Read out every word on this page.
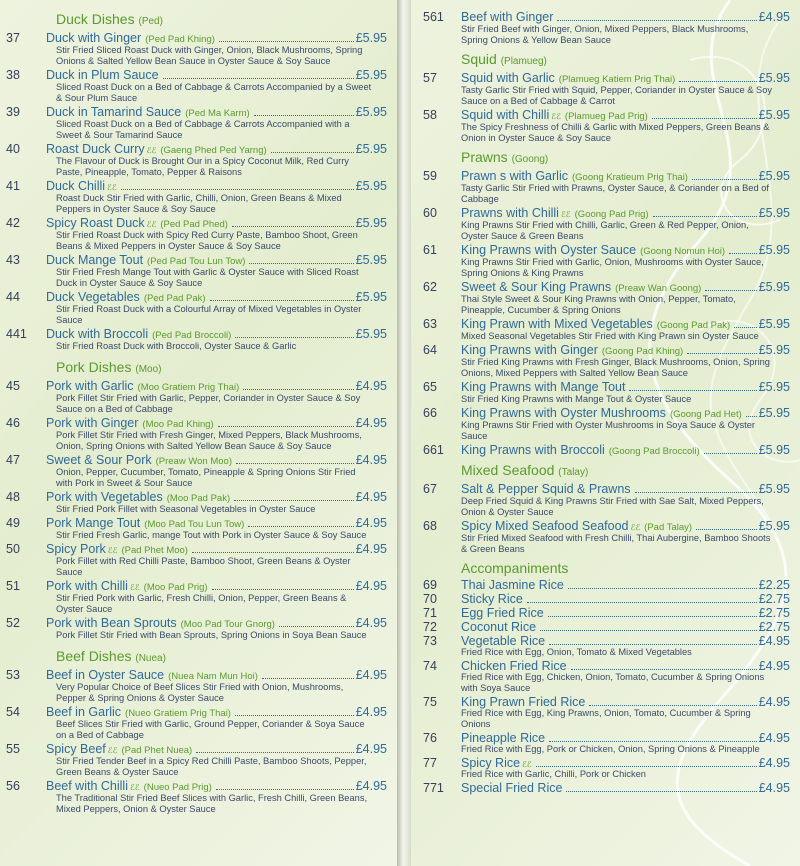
Duck Dishes (Ped)
37	Duck with Ginger (Ped Pad Khing)	£5.95
Stir Fried Sliced Roast Duck with Ginger, Onion, Black Mushrooms, Spring Onions & Salted Yellow Bean Sauce in Oyster Sauce & Soy Sauce
38	Duck in Plum Sauce	£5.95
Sliced Roast Duck on a Bed of Cabbage & Carrots Accompanied by a Sweet & Sour Plum Sauce
39	Duck in Tamarind Sauce (Ped Ma Karm)	£5.95
Sliced Roast Duck on a Bed of Cabbage & Carrots Accompanied with a Sweet & Sour Tamarind Sauce
40	Roast Duck Curry ℰℰ (Gaeng Phed Ped Yarng)	£5.95
The Flavour of Duck is Brought Our in a Spicy Coconut Milk, Red Curry Paste, Pineapple, Tomato, Pepper & Raisons
41	Duck Chilli ℰℰ	£5.95
Roast Duck Stir Fried with Garlic, Chilli, Onion, Green Beans & Mixed Peppers in Oyster Sauce & Soy Sauce
42	Spicy Roast Duck ℰℰ (Ped Pad Phed)	£5.95
Stir Fried Roast Duck with Spicy Red Curry Paste, Bamboo Shoot, Green Beans & Mixed Peppers in Oyster Sauce & Soy Sauce
43	Duck Mange Tout (Ped Pad Tou Lun Tow)	£5.95
Stir Fried Fresh Mange Tout with Garlic & Oyster Sauce with Sliced Roast Duck in Oyster Sauce & Soy Sauce
44	Duck Vegetables (Ped Pad Pak)	£5.95
Stir Fried Roast Duck with a Colourful Array of Mixed Vegetables in Oyster Sauce
441	Duck with Broccoli (Ped Pad Broccoli)	£5.95
Stir Fried Roast Duck with Broccoli, Oyster Sauce & Garlic
Pork Dishes (Moo)
45	Pork with Garlic (Moo Gratiem Prig Thai)	£4.95
Pork Fillet Stir Fried with Garlic, Pepper, Coriander in Oyster Sauce & Soy Sauce on a Bed of Cabbage
46	Pork with Ginger (Moo Pad Khing)	£4.95
Pork Fillet Stir Fried with Fresh Ginger, Mixed Peppers, Black Mushrooms, Onion, Spring Onions with Salted Yellow Bean Sauce & Soy Sauce
47	Sweet & Sour Pork (Preaw Won Moo)	£4.95
Onion, Pepper, Cucumber, Tomato, Pineapple & Spring Onions Stir Fried with Pork in Sweet & Sour Sauce
48	Pork with Vegetables (Moo Pad Pak)	£4.95
Stir Fried Pork Fillet with Seasonal Vegetables in Oyster Sauce
49	Pork Mange Tout (Moo Pad Tou Lun Tow)	£4.95
Stir Fried Fresh Garlic, mange Tout with Pork in Oyster Sauce & Soy Sauce
50	Spicy Pork ℰℰ (Pad Phet Moo)	£4.95
Pork Fillet with Red Chilli Paste, Bamboo Shoot, Green Beans & Oyster Sauce
51	Pork with Chilli ℰℰ (Moo Pad Prig)	£4.95
Stir Fried Pork with Garlic, Fresh Chilli, Onion, Pepper, Green Beans & Oyster Sauce
52	Pork with Bean Sprouts (Moo Pad Tour Gnorg)	£4.95
Pork Fillet Stir Fried with Bean Sprouts, Spring Onions in Soya Bean Sauce
Beef Dishes (Nuea)
53	Beef in Oyster Sauce (Nuea Nam Mun Hoi)	£4.95
Very Popular Choice of Beef Slices Stir Fried with Onion, Mushrooms, Pepper & Spring Onions & Oyster Sauce
54	Beef in Garlic (Nueo Gratiem Prig Thai)	£4.95
Beef Slices Stir Fried with Garlic, Ground Pepper, Coriander & Soya Sauce on a Bed of Cabbage
55	Spicy Beef ℰℰ (Pad Phet Nuea)	£4.95
Stir Fried Tender Beef in a Spicy Red Chilli Paste, Bamboo Shoots, Pepper, Green Beans & Oyster Sauce
56	Beef with Chilli ℰℰ (Nueo Pad Prig)	£4.95
The Traditional Stir Fried Beef Slices with Garlic, Fresh Chilli, Green Beans, Mixed Peppers, Onion & Oyster Sauce
561	Beef with Ginger	£4.95
Stir Fried Beef with Ginger, Onion, Mixed Peppers, Black Mushrooms, Spring Onions & Yellow Bean Sauce
Squid (Plamueg)
57	Squid with Garlic (Plamueg Katiem Prig Thai)	£5.95
Tasty Garlic Stir Fried with Squid, Pepper, Coriander in Oyster Sauce & Soy Sauce on a Bed of Cabbage & Carrot
58	Squid with Chilli ℰℰ (Plamueg Pad Prig)	£5.95
The Spicy Freshness of Chilli & Garlic with Mixed Peppers, Green Beans & Onion in Oyster Sauce & Soy Sauce
Prawns (Goong)
59	Prawn s with Garlic (Goong Kratieum Prig Thai)	£5.95
Tasty Garlic Stir Fried with Prawns, Oyster Sauce, & Coriander on a Bed of Cabbage
60	Prawns with Chilli ℰℰ (Goong Pad Prig)	£5.95
King Prawns Stir Fried with Chilli, Garlic, Green & Red Pepper, Onion, Oyster Sauce & Green Beans
61	King Prawns with Oyster Sauce (Goong Nomun Hoi)	£5.95
King Prawns Stir Fried with Garlic, Onion, Mushrooms with Oyster Sauce, Spring Onions & King Prawns
62	Sweet & Sour King Prawns (Preaw Wan Goong)	£5.95
Thai Style Sweet & Sour King Prawns with Onion, Pepper, Tomato, Pineapple, Cucumber & Spring Onions
63	King Prawn with Mixed Vegetables (Goong Pad Pak) £5.95
Mixed Seasonal Vegetables Stir Fried with King Prawn sin Oyster Sauce
64	King Prawns with Ginger (Goong Pad Khing)	£5.95
Stir Fried King Prawns with Fresh Ginger, Black Mushrooms, Onion, Spring Onions, Mixed Peppers with Salted Yellow Bean Sauce
65	King Prawns with Mange Tout	£5.95
Stir Fried King Prawns with Mange Tout & Oyster Sauce
66	King Prawns with Oyster Mushrooms (Goong Pad Het) £5.95
King Prawns Stir Fried with Oyster Mushrooms in Soya Sauce & Oyster Sauce
661	King Prawns with Broccoli (Goong Pad Broccoli)	£5.95
Mixed Seafood (Talay)
67	Salt & Pepper Squid & Prawns	£5.95
Deep Fried Squid & King Prawns Stir Fried with Sae Salt, Mixed Peppers, Onion & Oyster Sauce
68	Spicy Mixed Seafood Seafood ℰℰ (Pad Talay)	£5.95
Stir Fried Mixed Seafood with Fresh Chilli, Thai Aubergine, Bamboo Shoots & Green Beans
Accompaniments
69	Thai Jasmine Rice	£2.25
70	Sticky Rice	£2.75
71	Egg Fried Rice	£2.75
72	Coconut Rice	£2.75
73	Vegetable Rice	£4.95
Fried Rice with Egg, Onion, Tomato & Mixed Vegetables
74	Chicken Fried Rice	£4.95
Fried Rice with Egg, Chicken, Onion, Tomato, Cucumber & Spring Onions with Soya Sauce
75	King Prawn Fried Rice	£4.95
Fried Rice with Egg, King Prawns, Onion, Tomato, Cucumber & Spring Onions
76	Pineapple Rice	£4.95
Fried Rice with Egg, Pork or Chicken, Onion, Spring Onions & Pineapple
77	Spicy Rice ℰℰ	£4.95
Fried Rice with Garlic, Chilli, Pork or Chicken
771	Special Fried Rice	£4.95
